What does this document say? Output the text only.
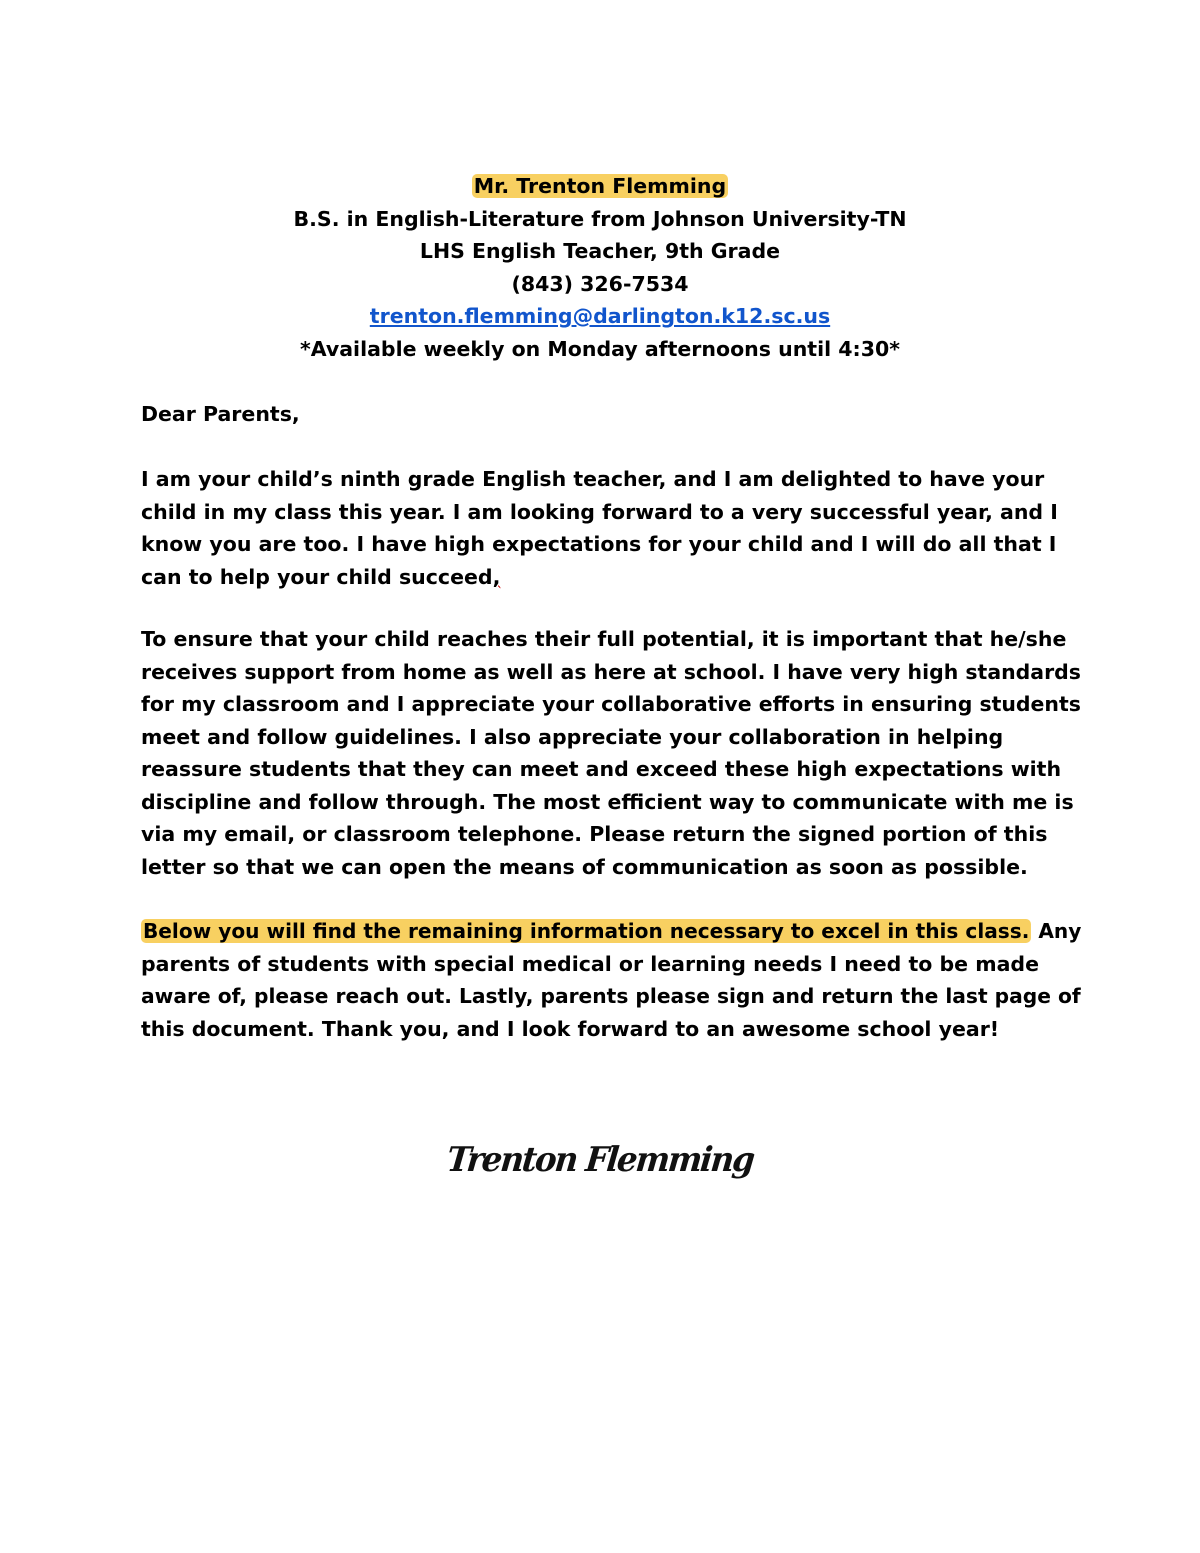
Mr. Trenton Flemming
B.S. in English-Literature from Johnson University-TN
LHS English Teacher, 9th Grade
(843) 326-7534
trenton.flemming@darlington.k12.sc.us
*Available weekly on Monday afternoons until 4:30*
Dear Parents,
I am your child’s ninth grade English teacher, and I am delighted to have your
child in my class this year. I am looking forward to a very successful year, and I
know you are too. I have high expectations for your child and I will do all that I
can to help your child succeed,
To ensure that your child reaches their full potential, it is important that he/she
receives support from home as well as here at school. I have very high standards
for my classroom and I appreciate your collaborative efforts in ensuring students
meet and follow guidelines. I also appreciate your collaboration in helping
reassure students that they can meet and exceed these high expectations with
discipline and follow through. The most efficient way to communicate with me is
via my email, or classroom telephone. Please return the signed portion of this
letter so that we can open the means of communication as soon as possible.
Below you will find the remaining information necessary to excel in this class. Any
parents of students with special medical or learning needs I need to be made
aware of, please reach out. Lastly, parents please sign and return the last page of
this document. Thank you, and I look forward to an awesome school year!
Trenton Flemming
